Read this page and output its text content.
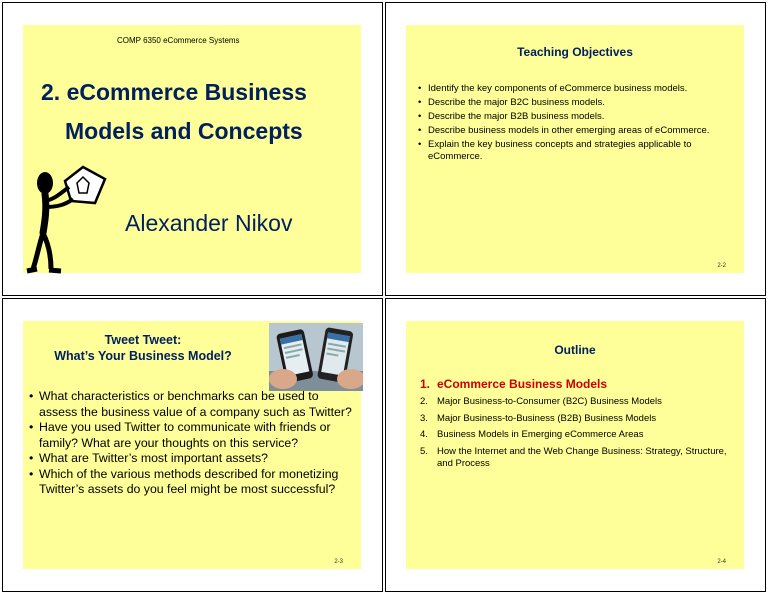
COMP 6350 eCommerce Systems

2. eCommerce Business

Models and Concepts

Alexander Nikov

Teaching Objectives

• Identify the key components of eCommerce business models.
• Describe the major B2C business models.
• Describe the major B2B business models.
• Describe business models in other emerging areas of eCommerce.
• Explain the key business concepts and strategies applicable to eCommerce.
2-2

Tweet Tweet:

What’s Your Business Model?

• What characteristics or benchmarks can be used to assess the business value of a company such as Twitter?
• Have you used Twitter to communicate with friends or family? What are your thoughts on this service?
• What are Twitter’s most important assets?
• Which of the various methods described for monetizing Twitter’s assets do you feel might be most successful?
2-3

Outline

1. eCommerce Business Models
2. Major Business-to-Consumer (B2C) Business Models
3. Major Business-to-Business (B2B) Business Models
4. Business Models in Emerging eCommerce Areas
5. How the Internet and the Web Change Business: Strategy, Structure, and Process
2-4
